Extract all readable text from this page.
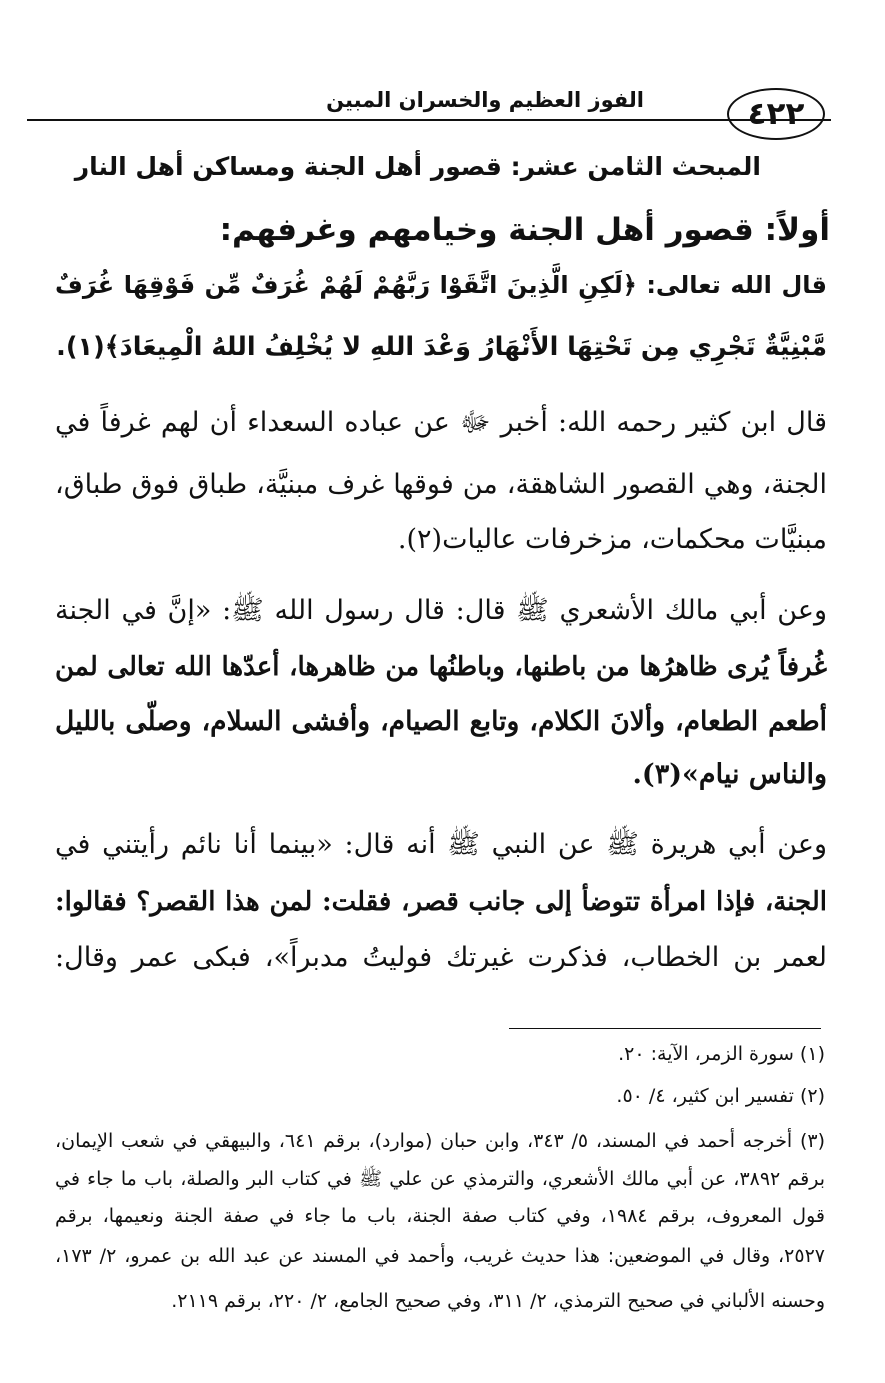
٤٢٢
الفوز العظيم والخسران المبين
المبحث الثامن عشر: قصور أهل الجنة ومساكن أهل النار
أولاً: قصور أهل الجنة وخيامهم وغرفهم:
قال الله تعالى: ﴿لَكِنِ الَّذِينَ اتَّقَوْا رَبَّهُمْ لَهُمْ غُرَفٌ مِّن فَوْقِهَا غُرَفٌ
مَّبْنِيَّةٌ تَجْرِي مِن تَحْتِهَا الأَنْهَارُ وَعْدَ اللهِ لا يُخْلِفُ اللهُ الْمِيعَادَ﴾(١).
قال ابن كثير رحمه الله: أخبر ﷻ عن عباده السعداء أن لهم غرفاً في
الجنة، وهي القصور الشاهقة، من فوقها غرف مبنيَّة، طباق فوق طباق،
مبنيَّات محكمات، مزخرفات عاليات(٢).
وعن أبي مالك الأشعري ﷺ قال: قال رسول الله ﷺ: «إنَّ في الجنة
غُرفاً يُرى ظاهرُها من باطنها، وباطنُها من ظاهرها، أعدّها الله تعالى لمن
أطعم الطعام، وألانَ الكلام، وتابع الصيام، وأفشى السلام، وصلّى بالليل
والناس نيام»(٣).
وعن أبي هريرة ﷺ عن النبي ﷺ أنه قال: «بينما أنا نائم رأيتني في
الجنة، فإذا امرأة تتوضأ إلى جانب قصر، فقلت: لمن هذا القصر؟ فقالوا:
لعمر بن الخطاب، فذكرت غيرتك فوليتُ مدبراً»، فبكى عمر وقال:
(١) سورة الزمر، الآية: ٢٠.
(٢) تفسير ابن كثير، ٤/ ٥٠.
(٣) أخرجه أحمد في المسند، ٥/ ٣٤٣، وابن حبان (موارد)، برقم ٦٤١، والبيهقي في شعب الإيمان،
برقم ٣٨٩٢، عن أبي مالك الأشعري، والترمذي عن علي ﷺ في كتاب البر والصلة، باب ما جاء في
قول المعروف، برقم ١٩٨٤، وفي كتاب صفة الجنة، باب ما جاء في صفة الجنة ونعيمها، برقم
٢٥٢٧، وقال في الموضعين: هذا حديث غريب، وأحمد في المسند عن عبد الله بن عمرو، ٢/ ١٧٣،
وحسنه الألباني في صحيح الترمذي، ٢/ ٣١١، وفي صحيح الجامع، ٢/ ٢٢٠، برقم ٢١١٩.
